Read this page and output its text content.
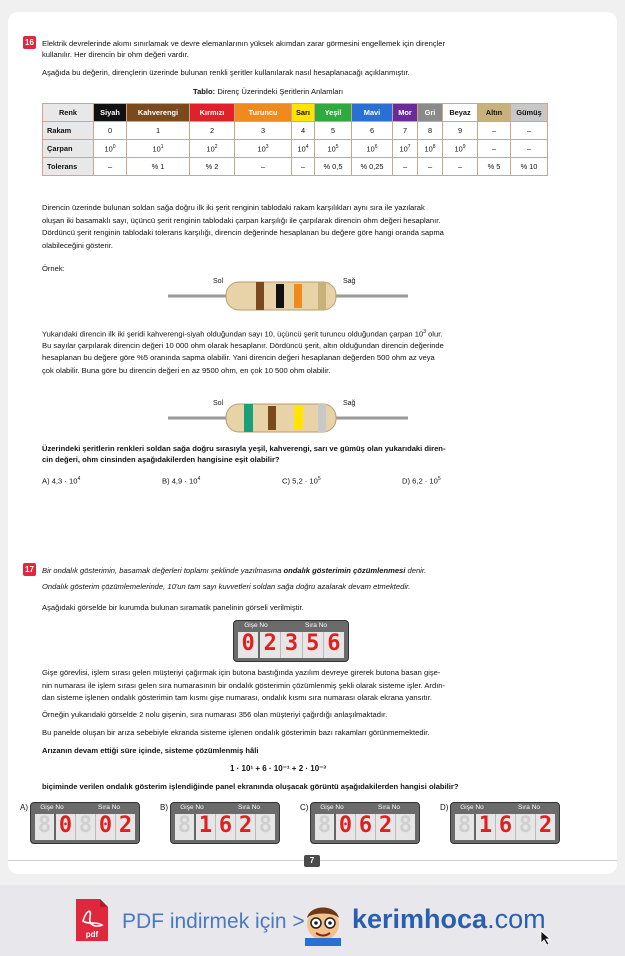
16 Elektrik devrelerinde akımı sınırlamak ve devre elemanlarının yüksek akımdan zarar görmesini engellemek için dirençler
kullanılır. Her direncin bir ohm değeri vardır.
Aşağıda bu değerin, dirençlerin üzerinde bulunan renkli şeritler kullanılarak nasıl hesaplanacağı açıklanmıştır.
Tablo: Direnç Üzerindeki Şeritlerin Anlamları
Renk	Siyah	Kahverengi	Kırmızı	Turuncu	Sarı	Yeşil	Mavi	Mor	Gri	Beyaz	Altın	Gümüş
Rakam	0	1	2	3	4	5	6	7	8	9	–	–
Çarpan	$10^0$	$10^1$	$10^2$	$10^3$	$10^4$	$10^5$	$10^6$	$10^7$	$10^8$	$10^9$	–	–
Tolerans	–	% 1	% 2	–	–	% 0,5	% 0,25	–	–	–	% 5	% 10
Direncin üzerinde bulunan soldan sağa doğru ilk iki şerit renginin tablodaki rakam karşılıkları aynı sıra ile yazılarak
oluşan iki basamaklı sayı, üçüncü şerit renginin tablodaki çarpan karşılığı ile çarpılarak direncin ohm değeri hesaplanır.
Dördüncü şerit renginin tablodaki tolerans karşılığı, direncin değerinde hesaplanan bu değere göre hangi oranda sapma
olabileceğini gösterir.
Örnek:
Sol	Sağ
Yukarıdaki direncin ilk iki şeridi kahverengi-siyah olduğundan sayı 10, üçüncü şerit turuncu olduğundan çarpan $10^3$ olur.
Bu sayılar çarpılarak direncin değeri 10 000 ohm olarak hesaplanır. Dördüncü şerit, altın olduğundan direncin değerinde
hesaplanan bu değere göre %5 oranında sapma olabilir. Yani direncin değeri hesaplanan değerden 500 ohm az veya
çok olabilir. Buna göre bu direncin değeri en az 9500 ohm, en çok 10 500 ohm olabilir.
Sol	Sağ
Üzerindeki şeritlerin renkleri soldan sağa doğru sırasıyla yeşil, kahverengi, sarı ve gümüş olan yukarıdaki diren-
cin değeri, ohm cinsinden aşağıdakilerden hangisine eşit olabilir?
A) $4,3 \cdot 10^4$	B) $4,9 \cdot 10^4$	C) $5,2 \cdot 10^5$	D) $6,2 \cdot 10^5$
17 Bir ondalık gösterimin, basamak değerleri toplamı şeklinde yazılmasına ondalık gösterimin çözümlenmesi denir.
Ondalık gösterim çözümlemelerinde, 10'un tam sayı kuvvetleri soldan sağa doğru azalarak devam etmektedir.
Aşağıdaki görselde bir kurumda bulunan sıramatik panelinin görseli verilmiştir.
Gişe No	Sıra No
0 2 3 5 6
Gişe görevlisi, işlem sırası gelen müşteriyi çağırmak için butona bastığında yazılım devreye girerek butona basan gişe-
nin numarası ile işlem sırası gelen sıra numarasının bir ondalık gösterimin çözümlenmiş şekli olarak sisteme işler. Ardın-
dan sisteme işlenen ondalık gösterimin tam kısmı gişe numarası, ondalık kısmı sıra numarası olarak ekrana yansıtır.
Örneğin yukarıdaki görselde 2 nolu gişenin, sıra numarası 356 olan müşteriyi çağırdığı anlaşılmaktadır.
Bu panelde oluşan bir arıza sebebiyle ekranda sisteme işlenen ondalık gösterimin bazı rakamları görünmemektedir.
Arızanın devam ettiği süre içinde, sisteme çözümlenmiş hâli
1 · 10¹ + 6 · 10⁻¹ + 2 · 10⁻³
biçiminde verilen ondalık gösterim işlendiğinde panel ekranında oluşacak görüntü aşağıdakilerden hangisi olabilir?
A)	Gişe No	Sıra No
8 0 8 0 2
B)	Gişe No	Sıra No
8 1 6 2 8
C)	Gişe No	Sıra No
8 0 6 2 8
D)	Gişe No	Sıra No
8 1 6 8 2
7
pdf
PDF indirmek için > kerimhoca.com
